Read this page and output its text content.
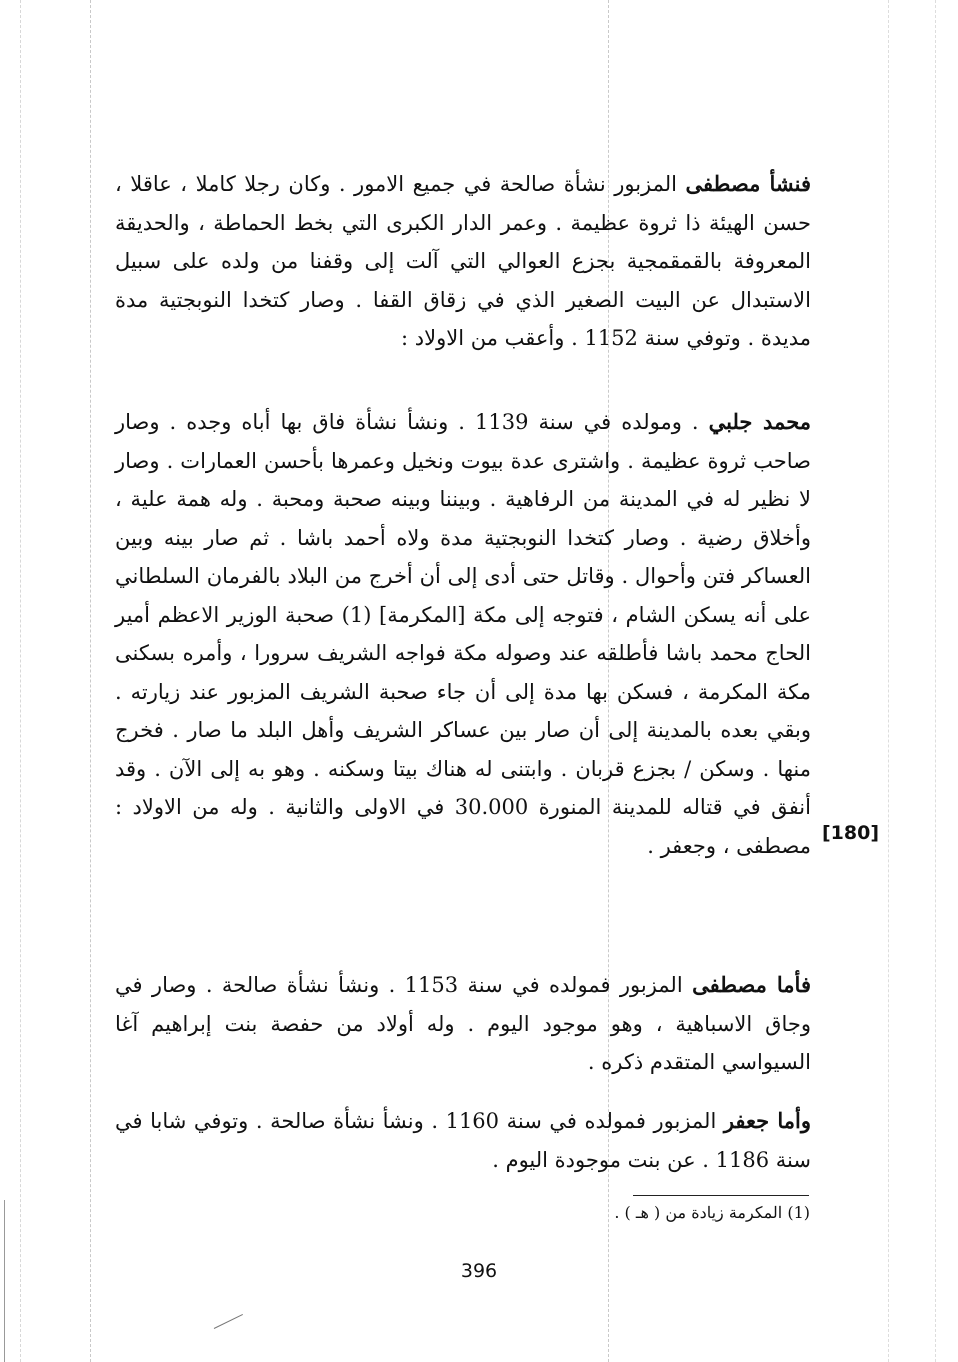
فنشأ مصطفى المزبور نشأة صالحة في جميع الامور . وكان رجلا كاملا ، عاقلا ، حسن الهيئة ذا ثروة عظيمة . وعمر الدار الكبرى التي بخط الحماطة ، والحديقة المعروفة بالقمقمجية بجزع العوالي التي آلت إلى وقفنا من ولده على سبيل الاستبدال عن البيت الصغير الذي في زقاق القفا . وصار كتخدا النوبجتية مدة مديدة . وتوفي سنة 1152 . وأعقب من الاولاد :

محمد جلبي . ومولده في سنة 1139 . ونشأ نشأة فاق بها أباه وجده . وصار صاحب ثروة عظيمة . واشترى عدة بيوت ونخيل وعمرها بأحسن العمارات . وصار لا نظير له في المدينة من الرفاهية . وبيننا وبينه صحبة ومحبة . وله همة علية ، وأخلاق رضية . وصار كتخدا النوبجتية مدة ولاه أحمد باشا . ثم صار بينه وبين العساكر فتن وأحوال . وقاتل حتى أدى إلى أن أخرج من البلاد بالفرمان السلطاني على أنه يسكن الشام ، فتوجه إلى مكة [المكرمة] (1) صحبة الوزير الاعظم أمير الحاج محمد باشا فأطلقه عند وصوله مكة فواجه الشريف سرورا ، وأمره بسكنى مكة المكرمة ، فسكن بها مدة إلى أن جاء صحبة الشريف المزبور عند زيارته . وبقي بعده بالمدينة إلى أن صار بين عساكر الشريف وأهل البلد ما صار . فخرج منها . وسكن / بجزع قربان . وابتنى له هناك بيتا وسكنه . وهو به إلى الآن . وقد أنفق في قتاله للمدينة المنورة 30.000 في الاولى والثانية . وله من الاولاد : مصطفى ، وجعفر .

فأما مصطفى المزبور فمولده في سنة 1153 . ونشأ نشأة صالحة . وصار في وجاق الاسباهية ، وهو موجود اليوم . وله أولاد من حفصة بنت إبراهيم آغا السيواسي المتقدم ذكره .

وأما جعفر المزبور فمولده في سنة 1160 . ونشأ نشأة صالحة . وتوفي شابا في سنة 1186 . عن بنت موجودة اليوم .

(1) المكرمة زيادة من ( هـ ) .
[180]
396
